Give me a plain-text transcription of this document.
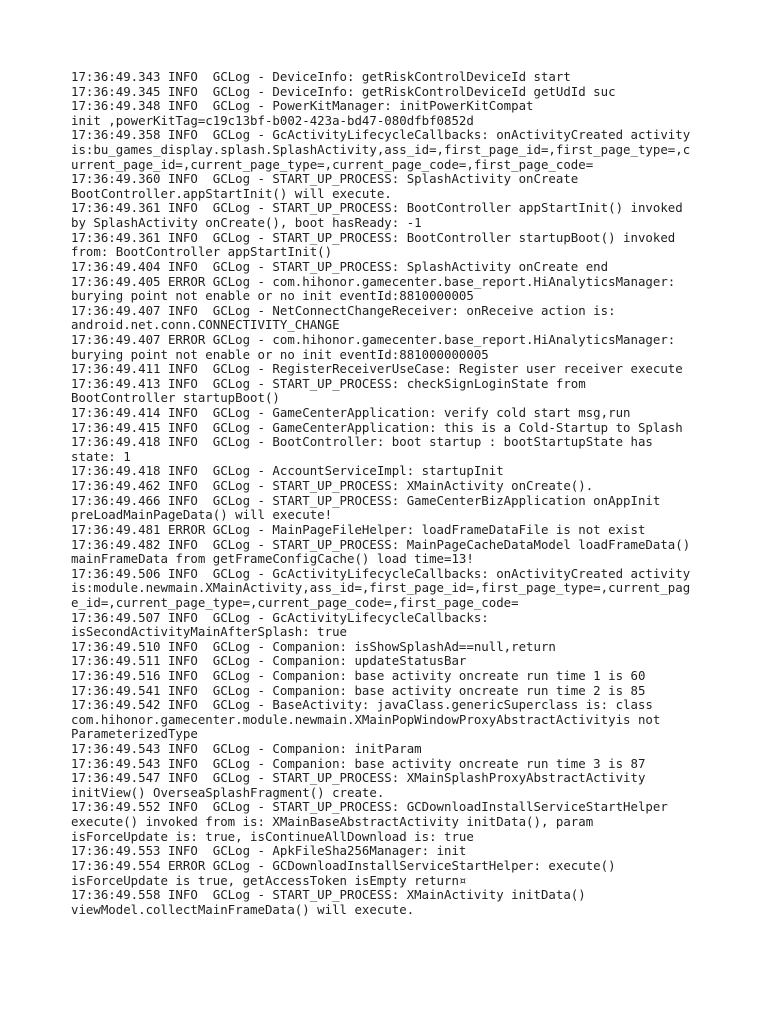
17:36:49.343 INFO  GCLog - DeviceInfo: getRiskControlDeviceId start
17:36:49.345 INFO  GCLog - DeviceInfo: getRiskControlDeviceId getUdId suc
17:36:49.348 INFO  GCLog - PowerKitManager: initPowerKitCompat
init ,powerKitTag=c19c13bf-b002-423a-bd47-080dfbf0852d
17:36:49.358 INFO  GCLog - GcActivityLifecycleCallbacks: onActivityCreated activity
is:bu_games_display.splash.SplashActivity,ass_id=,first_page_id=,first_page_type=,c
urrent_page_id=,current_page_type=,current_page_code=,first_page_code=
17:36:49.360 INFO  GCLog - START_UP_PROCESS: SplashActivity onCreate
BootController.appStartInit() will execute.
17:36:49.361 INFO  GCLog - START_UP_PROCESS: BootController appStartInit() invoked
by SplashActivity onCreate(), boot hasReady: -1
17:36:49.361 INFO  GCLog - START_UP_PROCESS: BootController startupBoot() invoked
from: BootController appStartInit()
17:36:49.404 INFO  GCLog - START_UP_PROCESS: SplashActivity onCreate end
17:36:49.405 ERROR GCLog - com.hihonor.gamecenter.base_report.HiAnalyticsManager:
burying point not enable or no init eventId:8810000005
17:36:49.407 INFO  GCLog - NetConnectChangeReceiver: onReceive action is:
android.net.conn.CONNECTIVITY_CHANGE
17:36:49.407 ERROR GCLog - com.hihonor.gamecenter.base_report.HiAnalyticsManager:
burying point not enable or no init eventId:881000000005
17:36:49.411 INFO  GCLog - RegisterReceiverUseCase: Register user receiver execute
17:36:49.413 INFO  GCLog - START_UP_PROCESS: checkSignLoginState from
BootController startupBoot()
17:36:49.414 INFO  GCLog - GameCenterApplication: verify cold start msg,run
17:36:49.415 INFO  GCLog - GameCenterApplication: this is a Cold-Startup to Splash
17:36:49.418 INFO  GCLog - BootController: boot startup : bootStartupState has
state: 1
17:36:49.418 INFO  GCLog - AccountServiceImpl: startupInit
17:36:49.462 INFO  GCLog - START_UP_PROCESS: XMainActivity onCreate().
17:36:49.466 INFO  GCLog - START_UP_PROCESS: GameCenterBizApplication onAppInit
preLoadMainPageData() will execute!
17:36:49.481 ERROR GCLog - MainPageFileHelper: loadFrameDataFile is not exist
17:36:49.482 INFO  GCLog - START_UP_PROCESS: MainPageCacheDataModel loadFrameData()
mainFrameData from getFrameConfigCache() load time=13!
17:36:49.506 INFO  GCLog - GcActivityLifecycleCallbacks: onActivityCreated activity
is:module.newmain.XMainActivity,ass_id=,first_page_id=,first_page_type=,current_pag
e_id=,current_page_type=,current_page_code=,first_page_code=
17:36:49.507 INFO  GCLog - GcActivityLifecycleCallbacks:
isSecondActivityMainAfterSplash: true
17:36:49.510 INFO  GCLog - Companion: isShowSplashAd==null,return
17:36:49.511 INFO  GCLog - Companion: updateStatusBar
17:36:49.516 INFO  GCLog - Companion: base activity oncreate run time 1 is 60
17:36:49.541 INFO  GCLog - Companion: base activity oncreate run time 2 is 85
17:36:49.542 INFO  GCLog - BaseActivity: javaClass.genericSuperclass is: class
com.hihonor.gamecenter.module.newmain.XMainPopWindowProxyAbstractActivityis not
ParameterizedType
17:36:49.543 INFO  GCLog - Companion: initParam
17:36:49.543 INFO  GCLog - Companion: base activity oncreate run time 3 is 87
17:36:49.547 INFO  GCLog - START_UP_PROCESS: XMainSplashProxyAbstractActivity
initView() OverseaSplashFragment() create.
17:36:49.552 INFO  GCLog - START_UP_PROCESS: GCDownloadInstallServiceStartHelper
execute() invoked from is: XMainBaseAbstractActivity initData(), param
isForceUpdate is: true, isContinueAllDownload is: true
17:36:49.553 INFO  GCLog - ApkFileSha256Manager: init
17:36:49.554 ERROR GCLog - GCDownloadInstallServiceStartHelper: execute()
isForceUpdate is true, getAccessToken isEmpty return¤
17:36:49.558 INFO  GCLog - START_UP_PROCESS: XMainActivity initData()
viewModel.collectMainFrameData() will execute.
